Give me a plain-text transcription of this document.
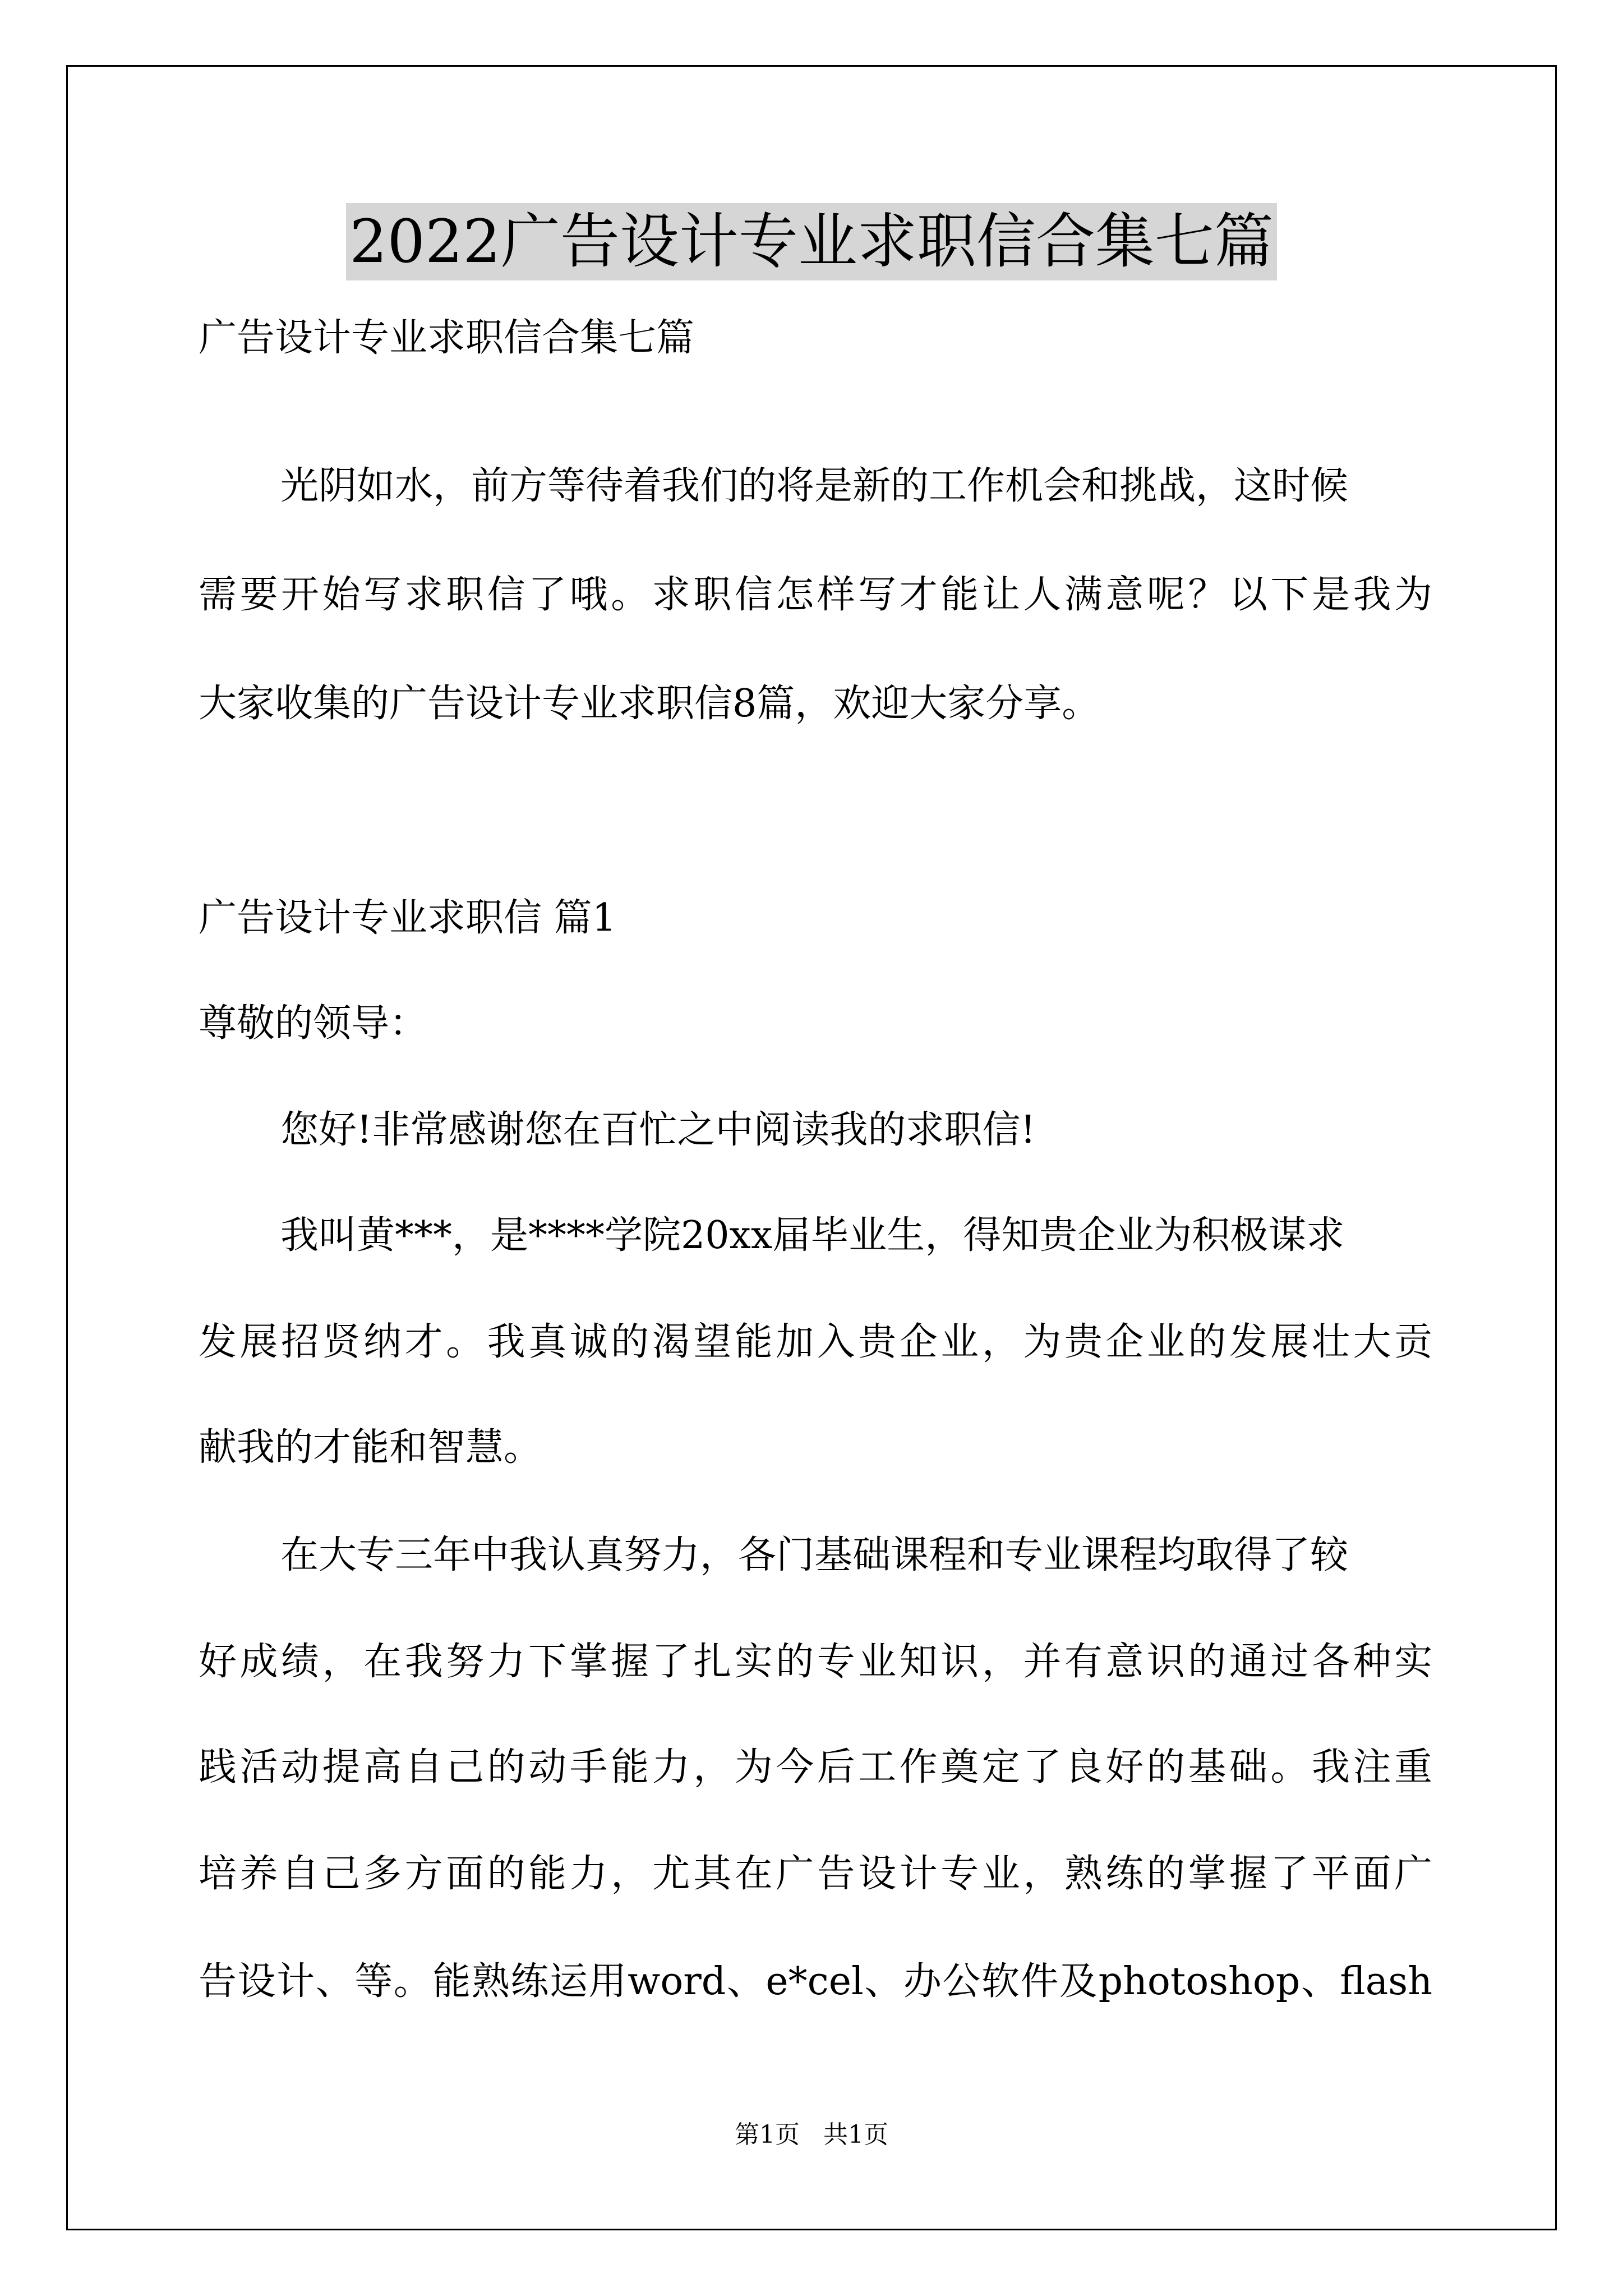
2022广告设计专业求职信合集七篇
广告设计专业求职信合集七篇
光阴如水，前方等待着我们的将是新的工作机会和挑战，这时候
需要开始写求职信了哦。求职信怎样写才能让人满意呢？以下是我为
大家收集的广告设计专业求职信8篇，欢迎大家分享。
广告设计专业求职信 篇1
尊敬的领导：
您好!非常感谢您在百忙之中阅读我的求职信!
我叫黄***，是****学院20xx届毕业生，得知贵企业为积极谋求
发展招贤纳才。我真诚的渴望能加入贵企业，为贵企业的发展壮大贡
献我的才能和智慧。
在大专三年中我认真努力，各门基础课程和专业课程均取得了较
好成绩，在我努力下掌握了扎实的专业知识，并有意识的通过各种实
践活动提高自己的动手能力，为今后工作奠定了良好的基础。我注重
培养自己多方面的能力，尤其在广告设计专业，熟练的掌握了平面广
告设计、等。能熟练运用word、e*cel、办公软件及photoshop、flash
第1页 共1页
